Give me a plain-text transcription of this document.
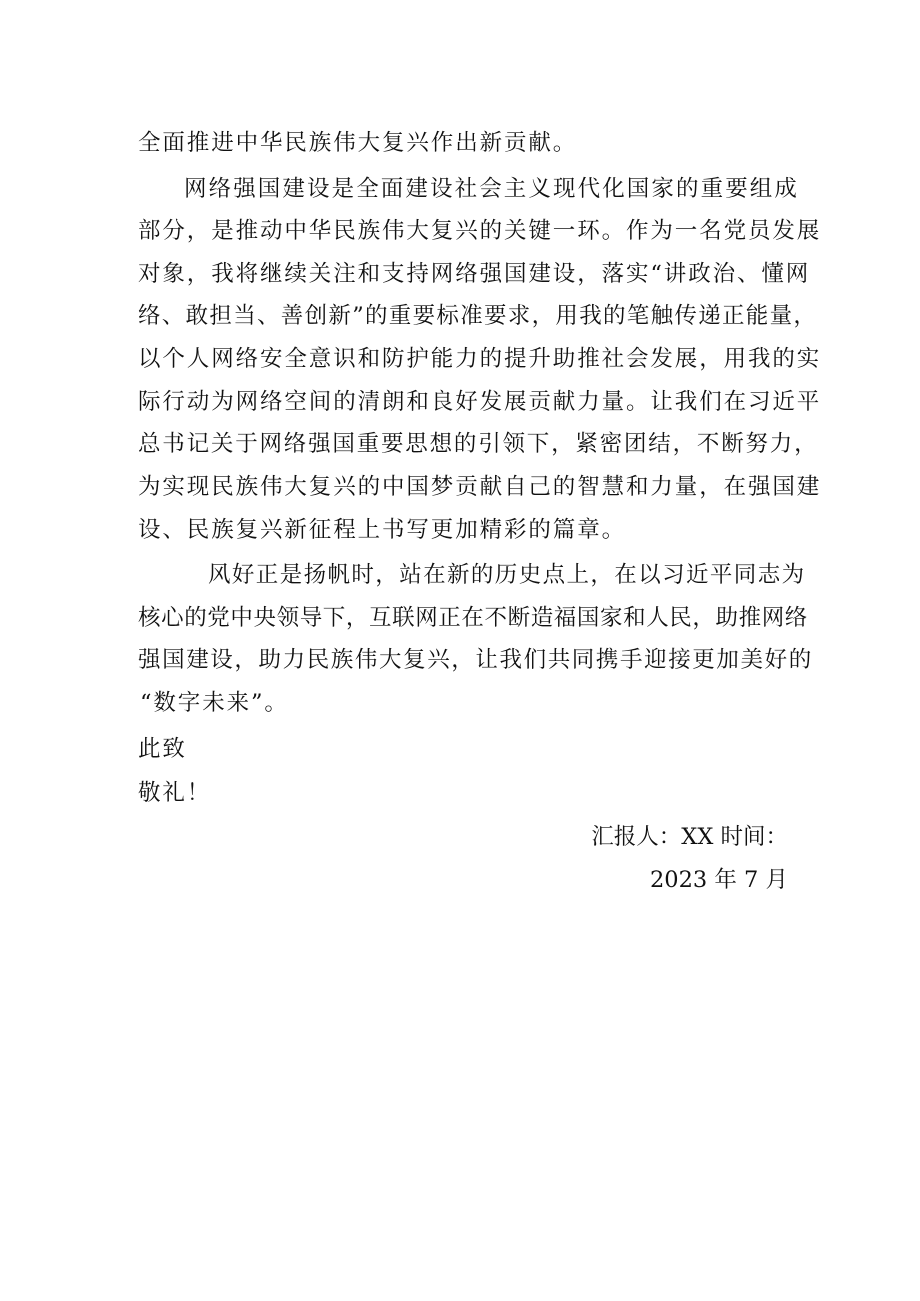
全面推进中华民族伟大复兴作出新贡献。
网络强国建设是全面建设社会主义现代化国家的重要组成
部分，是推动中华民族伟大复兴的关键一环。作为一名党员发展
对象，我将继续关注和支持网络强国建设，落实“讲政治、懂网
络、敢担当、善创新”的重要标准要求，用我的笔触传递正能量，
以个人网络安全意识和防护能力的提升助推社会发展，用我的实
际行动为网络空间的清朗和良好发展贡献力量。让我们在习近平
总书记关于网络强国重要思想的引领下，紧密团结，不断努力，
为实现民族伟大复兴的中国梦贡献自己的智慧和力量，在强国建
设、民族复兴新征程上书写更加精彩的篇章。
风好正是扬帆时，站在新的历史点上，在以习近平同志为
核心的党中央领导下，互联网正在不断造福国家和人民，助推网络
强国建设，助力民族伟大复兴，让我们共同携手迎接更加美好的
“数字未来”。
此致
敬礼！
汇报人：XX 时间：
2023 年 7 月
